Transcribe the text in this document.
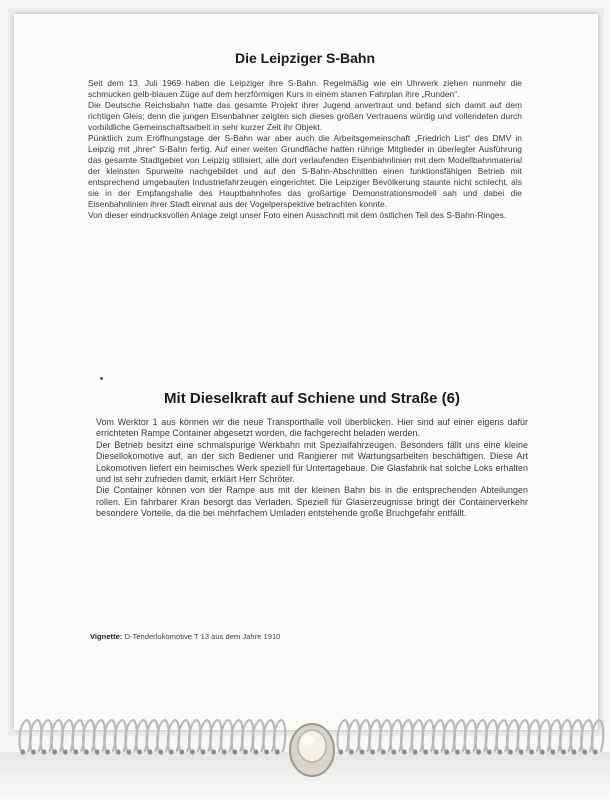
Die Leipziger S-Bahn

Seit dem 13. Juli 1969 haben die Leipziger ihre S-Bahn. Regelmäßig wie ein Uhrwerk ziehen nunmehr die schmucken gelb-blauen Züge auf dem herzförmigen Kurs in einem starren Fahrplan ihre „Runden“.

Die Deutsche Reichsbahn hatte das gesamte Projekt ihrer Jugend anvertraut und befand sich damit auf dem richtigen Gleis; denn die jungen Eisenbahner zeigten sich dieses großen Vertrauens würdig und vollendeten durch vorbildliche Gemeinschaftsarbeit in sehr kurzer Zeit ihr Objekt.

Pünktlich zum Eröffnungstage der S-Bahn war aber auch die Arbeitsgemeinschaft „Friedrich List“ des DMV in Leipzig mit „ihrer“ S-Bahn fertig. Auf einer weiten Grundfläche hatten rührige Mitglieder in überlegter Ausführung das gesamte Stadtgebiet von Leipzig stilisiert, alle dort verlaufenden Eisenbahnlinien mit dem Modellbahnmaterial der kleinsten Spurweite nachgebildet und auf den S-Bahn-Abschnitten einen funktionsfähigen Betrieb mit entsprechend umgebauten Industriefahrzeugen eingerichtet. Die Leipziger Bevölkerung staunte nicht schlecht, als sie in der Empfangshalle des Hauptbahnhofes das großartige Demonstrationsmodell sah und dabei die Eisenbahnlinien ihrer Stadt einmal aus der Vogelperspektive betrachten konnte.

Von dieser eindrucksvollen Anlage zeigt unser Foto einen Ausschnitt mit dem östlichen Teil des S-Bahn-Ringes.

Mit Dieselkraft auf Schiene und Straße (6)

Vom Werktor 1 aus können wir die neue Transporthalle voll überblicken. Hier sind auf einer eigens dafür errichteten Rampe Container abgesetzt worden, die fachgerecht beladen werden.

Der Betrieb besitzt eine schmalspurige Werkbahn mit Spezialfahrzeugen. Besonders fällt uns eine kleine Diesellokomotive auf, an der sich Bediener und Rangierer mit Wartungsarbeiten beschäftigen. Diese Art Lokomotiven liefert ein heimisches Werk speziell für Untertagebaue. Die Glasfabrik hat solche Loks erhalten und ist sehr zufrieden damit, erklärt Herr Schröter.

Die Container können von der Rampe aus mit der kleinen Bahn bis in die entsprechenden Abteilungen rollen. Ein fahrbarer Kran besorgt das Verladen. Speziell für Glaserzeugnisse bringt der Containerverkehr besondere Vorteile, da die bei mehrfachem Umladen entstehende große Bruchgefahr entfällt.

Vignette: D-Tenderlokomotive T 13 aus dem Jahre 1910
